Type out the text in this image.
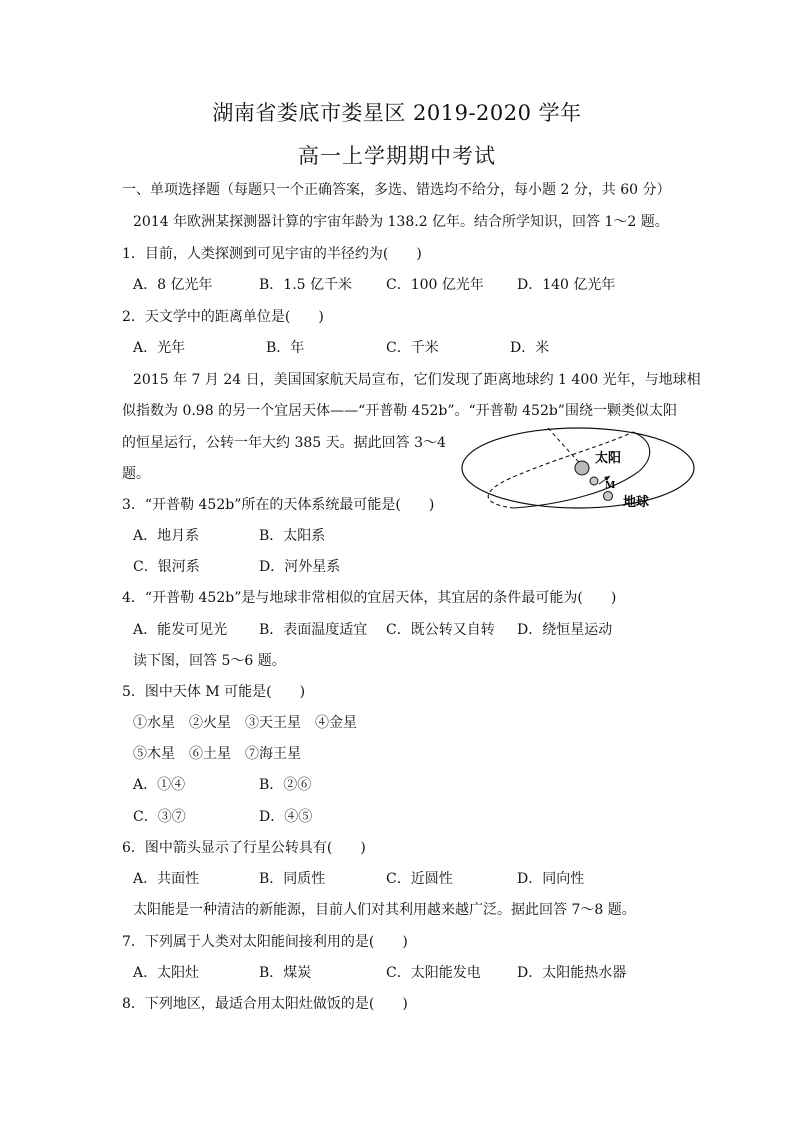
湖南省娄底市娄星区 2019-2020 学年
高一上学期期中考试
一、单项选择题（每题只一个正确答案，多选、错选均不给分，每小题 2 分，共 60 分）
2014 年欧洲某探测器计算的宇宙年龄为 138.2 亿年。结合所学知识，回答 1～2 题。
1．目前，人类探测到可见宇宙的半径约为(　　)
A．8 亿光年	B．1.5 亿千米 C．100 亿光年 D．140 亿光年
2．天文学中的距离单位是(　　)
A．光年	B．年	C．千米	D．米
2015 年 7 月 24 日，美国国家航天局宣布，它们发现了距离地球约 1 400 光年，与地球相
似指数为 0.98 的另一个宜居天体——“开普勒 452b”。“开普勒 452b”围绕一颗类似太阳
的恒星运行，公转一年大约 385 天。据此回答 3～4
题。
太阳
M
地球
3．“开普勒 452b”所在的天体系统最可能是(　　)
A．地月系	B．太阳系
C．银河系	D．河外星系
4．“开普勒 452b”是与地球非常相似的宜居天体，其宜居的条件最可能为(　　)
A．能发可见光 B．表面温度适宜 C．既公转又自转 D．绕恒星运动
读下图，回答 5～6 题。
5．图中天体 M 可能是(　　)
①水星　②火星　③天王星　④金星
⑤木星　⑥土星　⑦海王星
A．①④	B．②⑥
C．③⑦	D．④⑤
6．图中箭头显示了行星公转具有(　　)
A．共面性	B．同质性	C．近圆性	D．同向性
太阳能是一种清洁的新能源，目前人们对其利用越来越广泛。据此回答 7～8 题。
7．下列属于人类对太阳能间接利用的是(　　)
A．太阳灶	B．煤炭	C．太阳能发电	D．太阳能热水器
8．下列地区，最适合用太阳灶做饭的是(　　)
